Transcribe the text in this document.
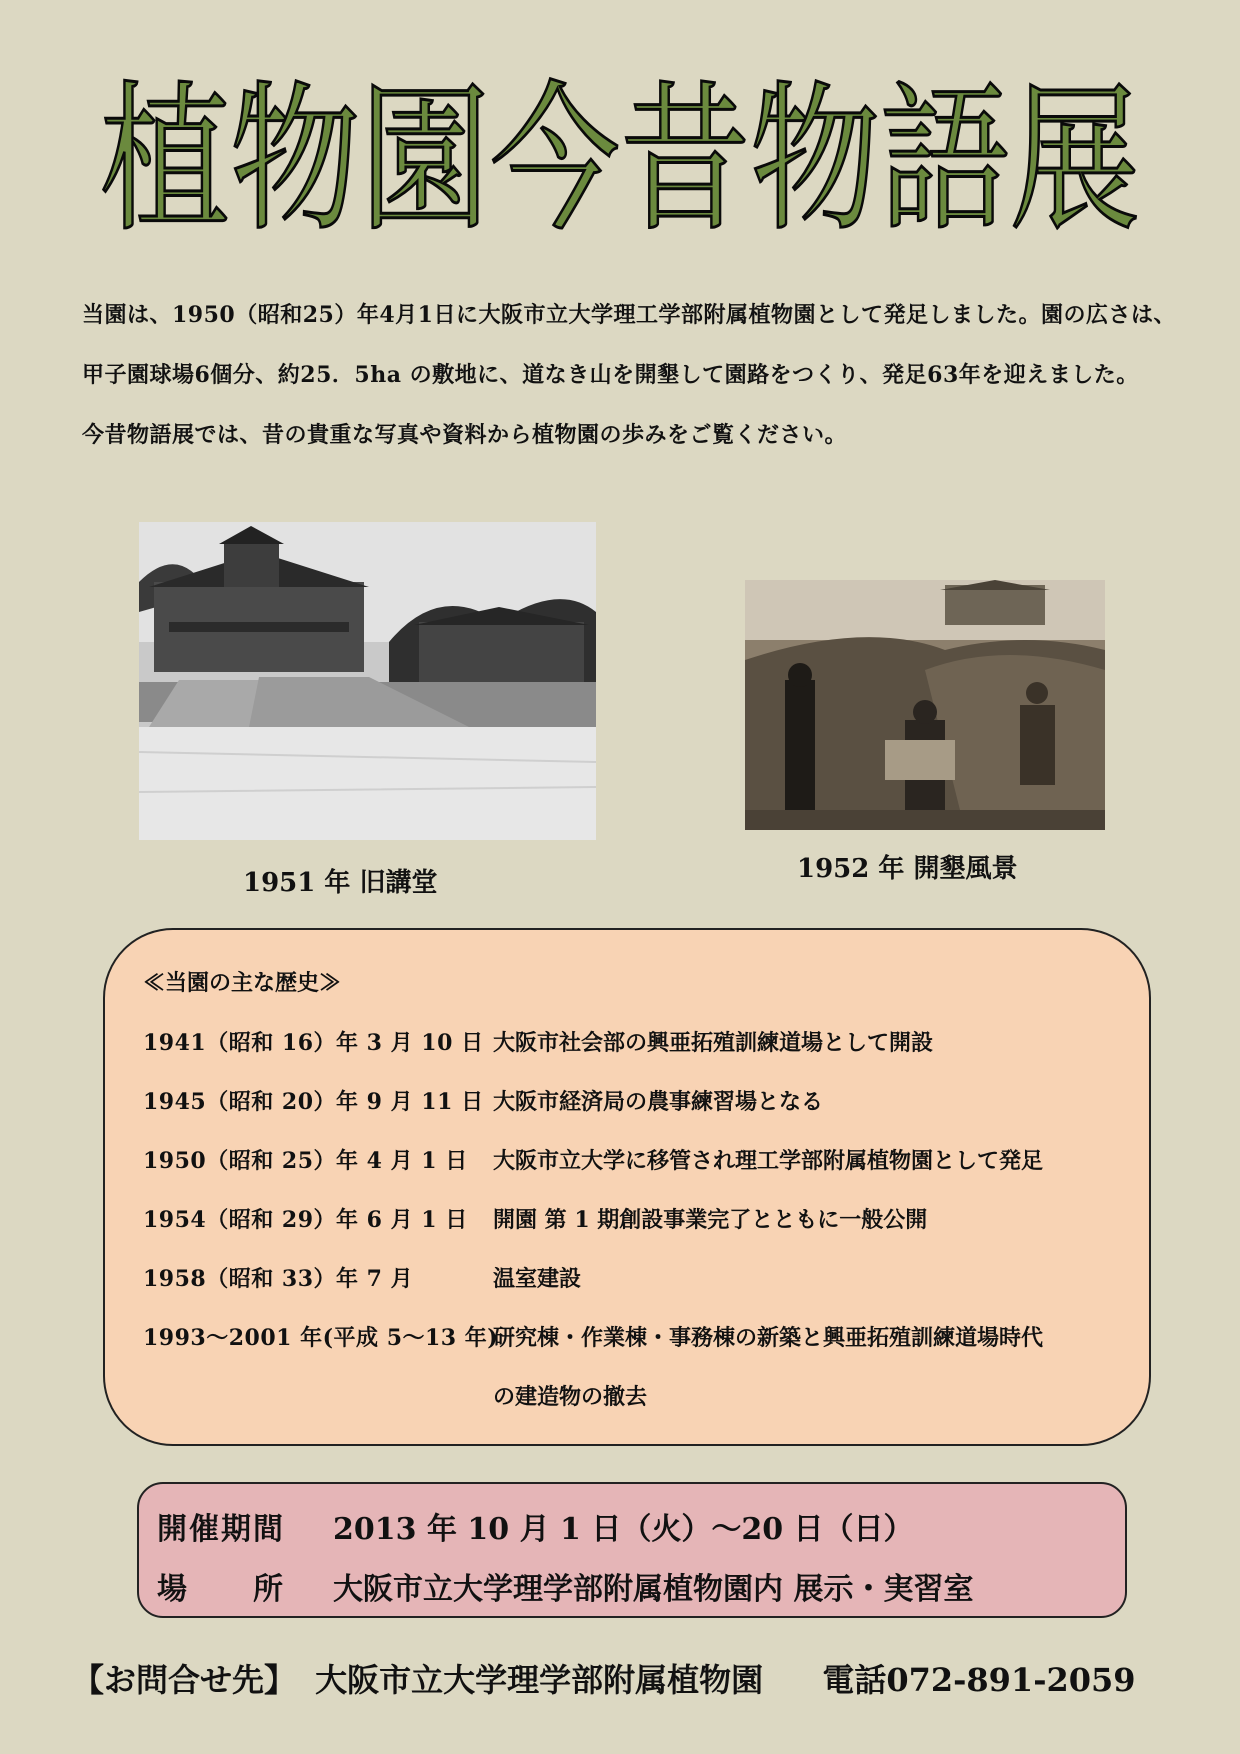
植物園今昔物語展

当園は、1950（昭和25）年4月1日に大阪市立大学理工学部附属植物園として発足しました。園の広さは、

甲子園球場6個分、約25．5ha の敷地に、道なき山を開墾して園路をつくり、発足63年を迎えました。

今昔物語展では、昔の貴重な写真や資料から植物園の歩みをご覧ください。

1951 年 旧講堂	1952 年 開墾風景
≪当園の主な歴史≫
1941（昭和 16）年 3 月 10 日 大阪市社会部の興亜拓殖訓練道場として開設
1945（昭和 20）年 9 月 11 日 大阪市経済局の農事練習場となる
1950（昭和 25）年 4 月 1 日 大阪市立大学に移管され理工学部附属植物園として発足
1954（昭和 29）年 6 月 1 日 開園 第 1 期創設事業完了とともに一般公開
1958（昭和 33）年 7 月	温室建設
1993～2001 年(平成 5～13 年)
研究棟・作業棟・事務棟の新築と興亜拓殖訓練道場時代
の建造物の撤去
開催期間 2013 年 10 月 1 日（火）～20 日（日）
場　　所 大阪市立大学理学部附属植物園内 展示・実習室
【お問合せ先】 大阪市立大学理学部附属植物園 電話072-891-2059
